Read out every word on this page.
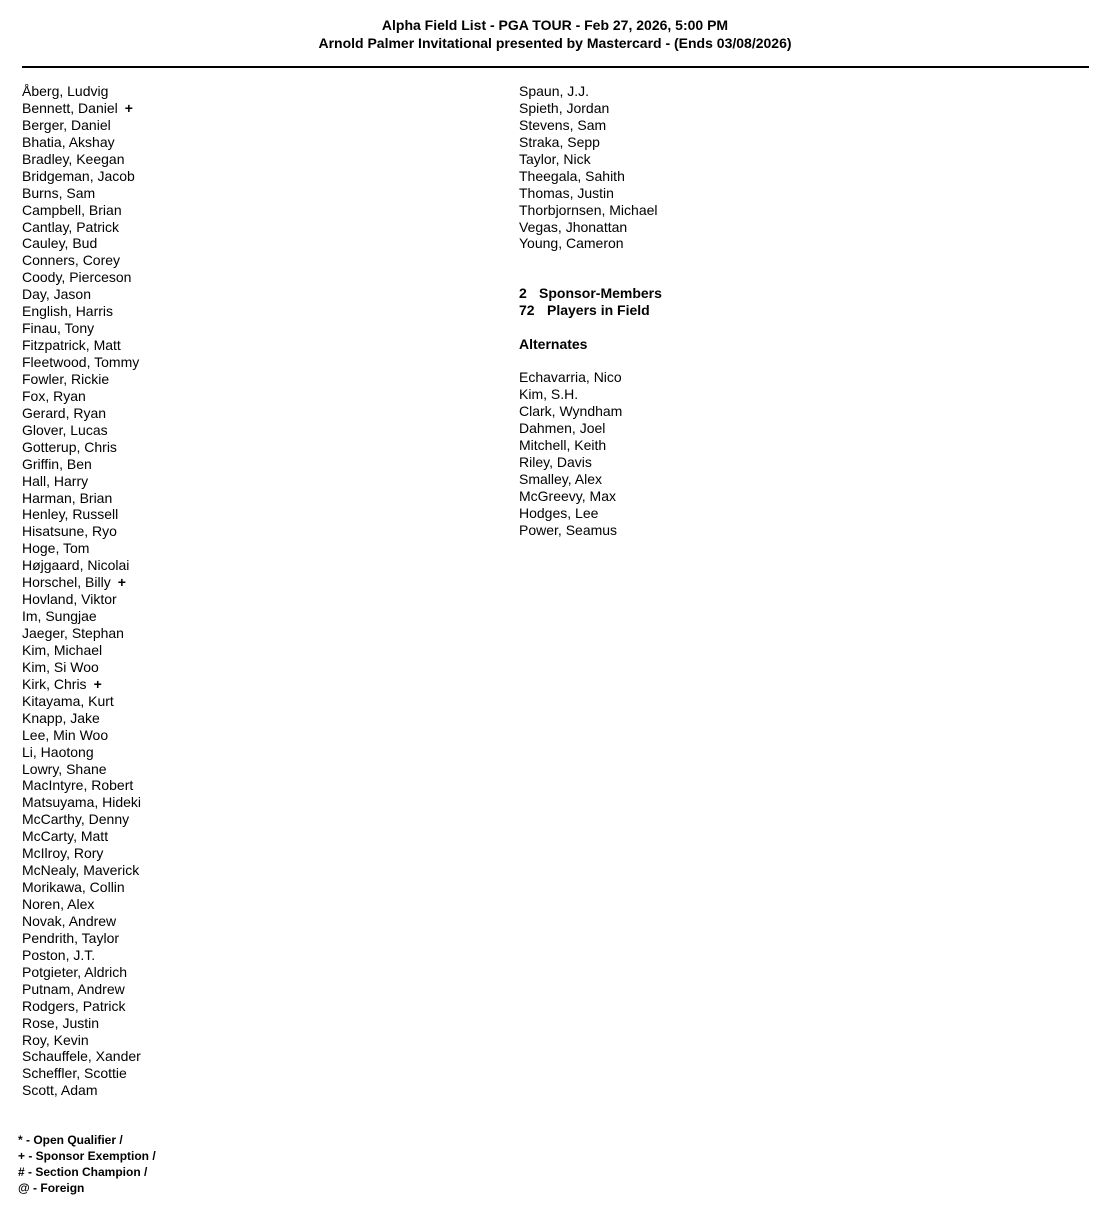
Alpha Field List - PGA TOUR - Feb 27, 2026, 5:00 PM
Arnold Palmer Invitational presented by Mastercard - (Ends 03/08/2026)
Åberg, Ludvig
Bennett, Daniel +
Berger, Daniel
Bhatia, Akshay
Bradley, Keegan
Bridgeman, Jacob
Burns, Sam
Campbell, Brian
Cantlay, Patrick
Cauley, Bud
Conners, Corey
Coody, Pierceson
Day, Jason
English, Harris
Finau, Tony
Fitzpatrick, Matt
Fleetwood, Tommy
Fowler, Rickie
Fox, Ryan
Gerard, Ryan
Glover, Lucas
Gotterup, Chris
Griffin, Ben
Hall, Harry
Harman, Brian
Henley, Russell
Hisatsune, Ryo
Hoge, Tom
Højgaard, Nicolai
Horschel, Billy +
Hovland, Viktor
Im, Sungjae
Jaeger, Stephan
Kim, Michael
Kim, Si Woo
Kirk, Chris +
Kitayama, Kurt
Knapp, Jake
Lee, Min Woo
Li, Haotong
Lowry, Shane
MacIntyre, Robert
Matsuyama, Hideki
McCarthy, Denny
McCarty, Matt
McIlroy, Rory
McNealy, Maverick
Morikawa, Collin
Noren, Alex
Novak, Andrew
Pendrith, Taylor
Poston, J.T.
Potgieter, Aldrich
Putnam, Andrew
Rodgers, Patrick
Rose, Justin
Roy, Kevin
Schauffele, Xander
Scheffler, Scottie
Scott, Adam
Spaun, J.J.
Spieth, Jordan
Stevens, Sam
Straka, Sepp
Taylor, Nick
Theegala, Sahith
Thomas, Justin
Thorbjornsen, Michael
Vegas, Jhonattan
Young, Cameron
2 Sponsor-Members
72 Players in Field
Alternates
Echavarria, Nico
Kim, S.H.
Clark, Wyndham
Dahmen, Joel
Mitchell, Keith
Riley, Davis
Smalley, Alex
McGreevy, Max
Hodges, Lee
Power, Seamus
* - Open Qualifier /
+ - Sponsor Exemption /
# - Section Champion /
@ - Foreign
